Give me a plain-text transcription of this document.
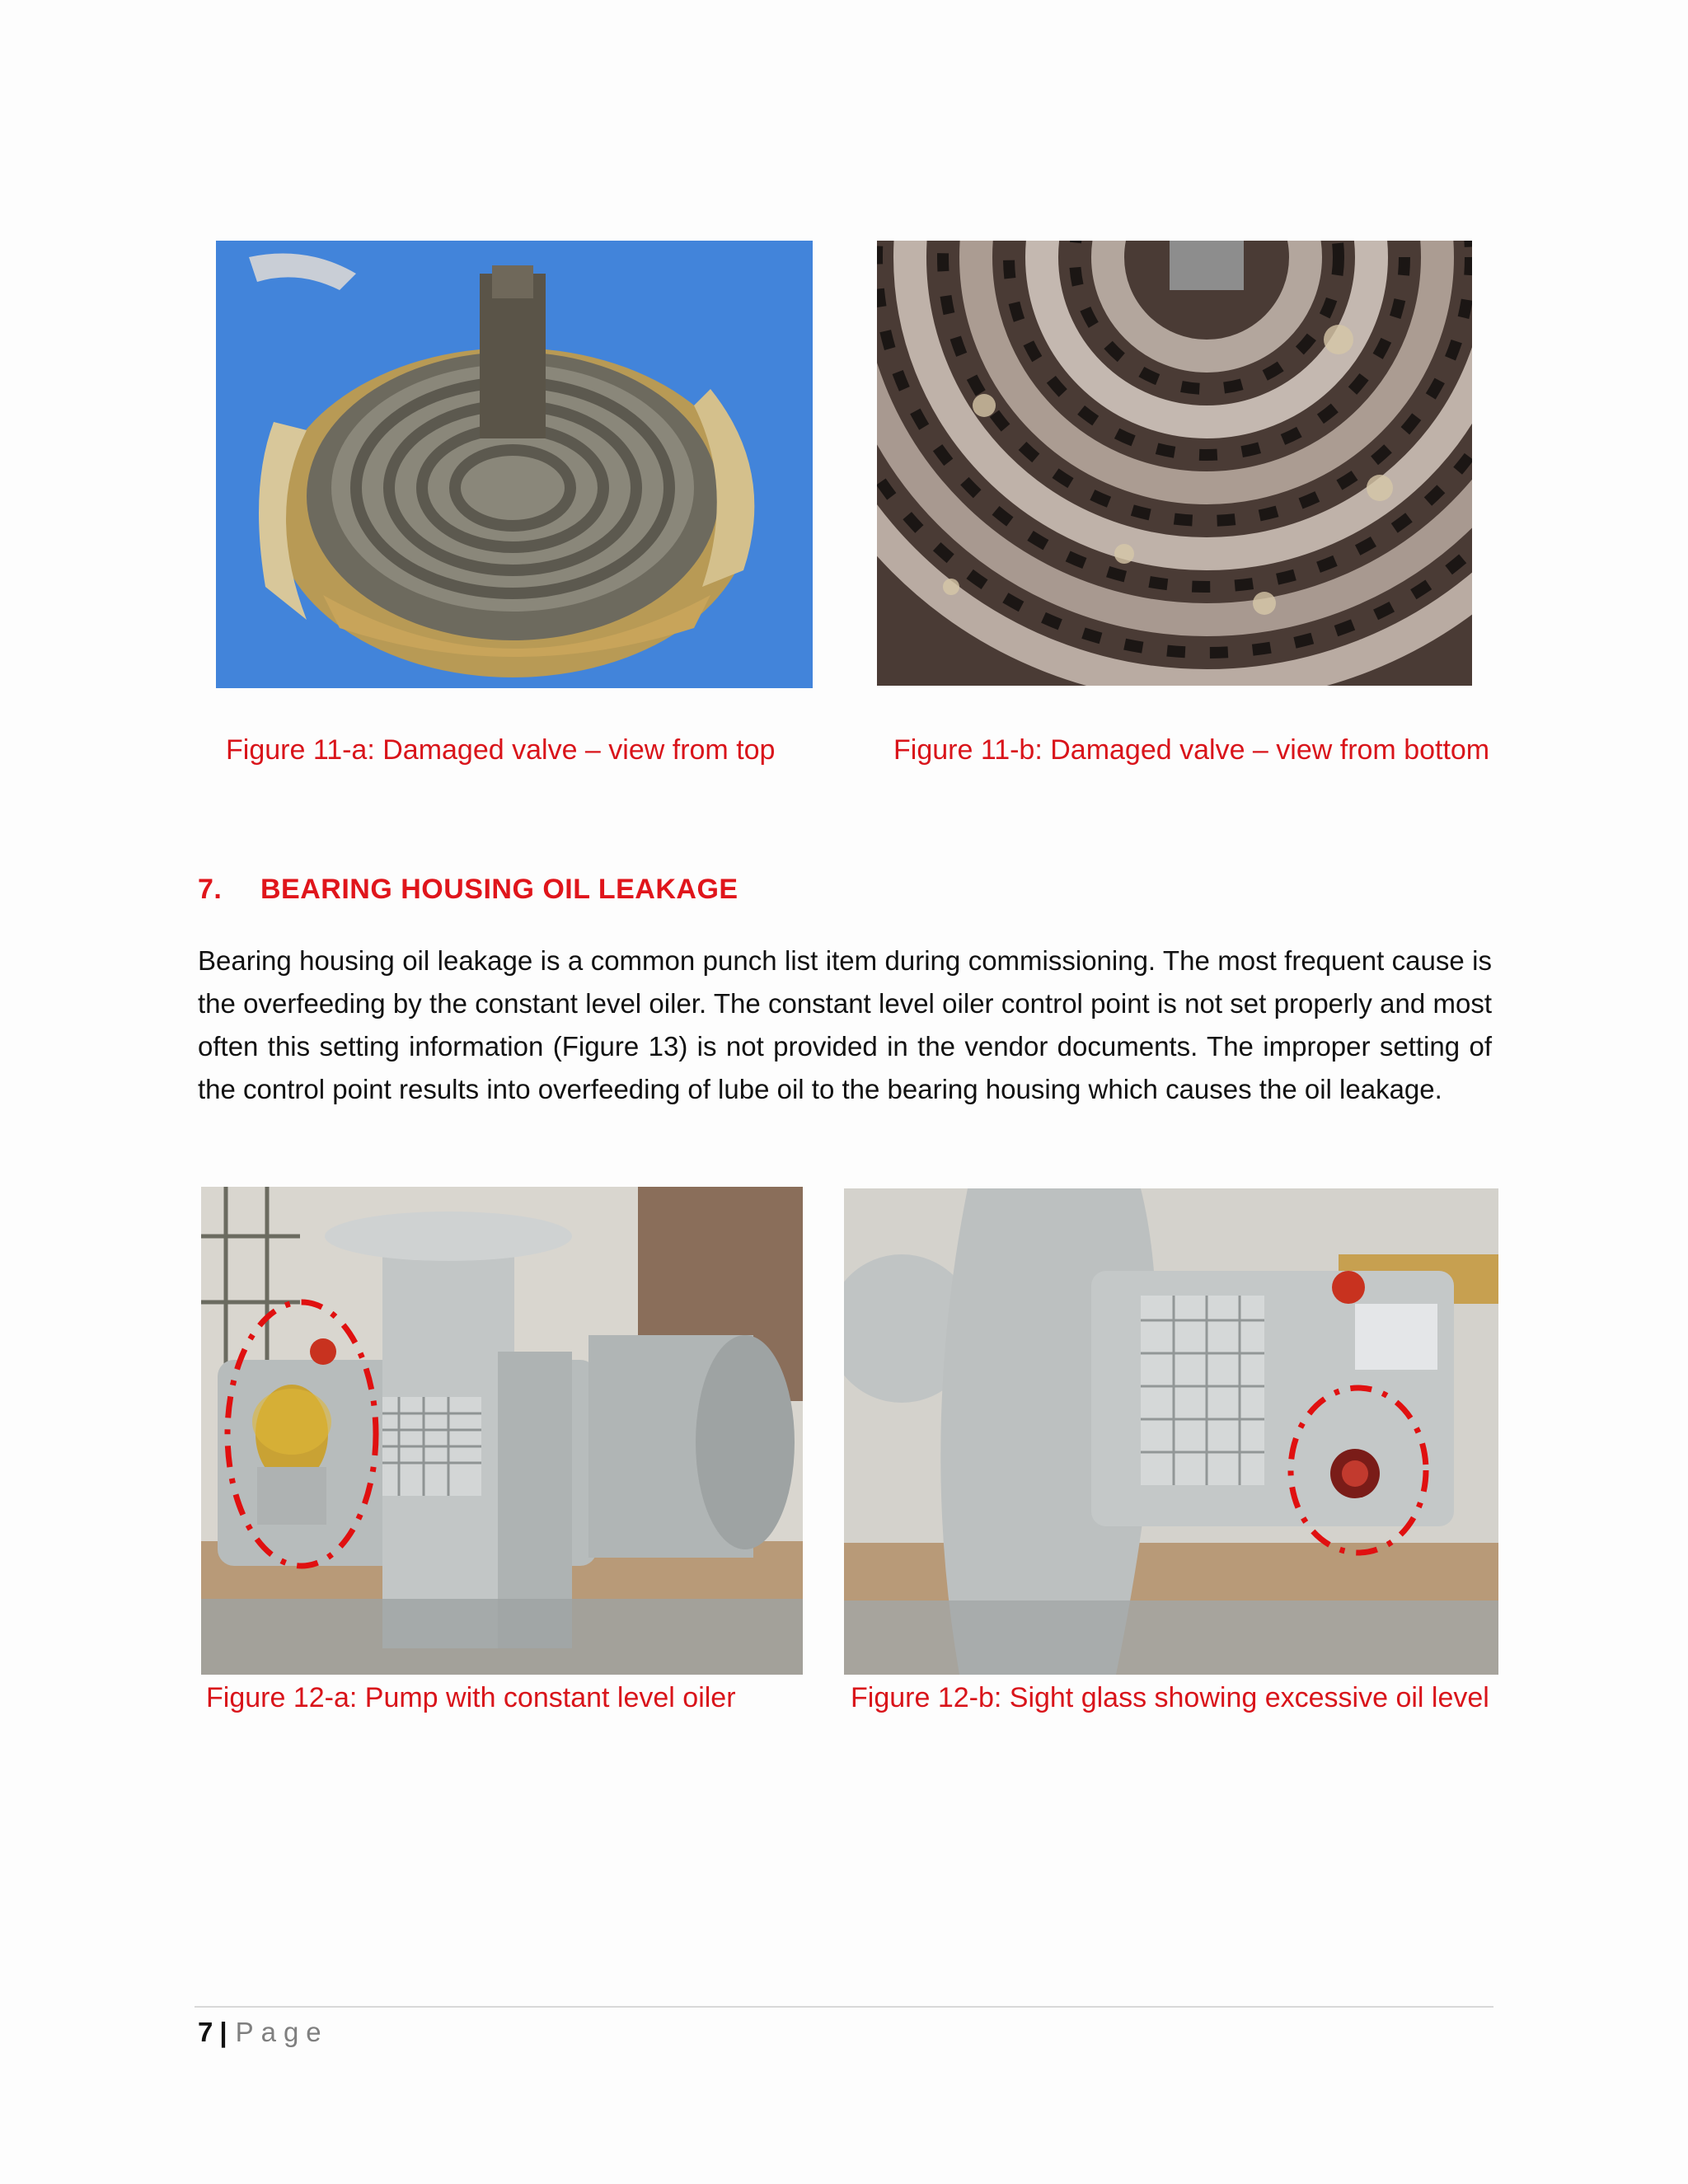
Figure 11-a: Damaged valve – view from top	Figure 11-b: Damaged valve – view from bottom
7. BEARING HOUSING OIL LEAKAGE
Bearing housing oil leakage is a common punch list item during commissioning. The most frequent cause is the overfeeding by the constant level oiler. The constant level oiler control point is not set properly and most often this setting information (Figure 13) is not provided in the vendor documents. The improper setting of the control point results into overfeeding of lube oil to the bearing housing which causes the oil leakage.
Figure 12-a: Pump with constant level oiler	Figure 12-b: Sight glass showing excessive oil level
7 | Page
